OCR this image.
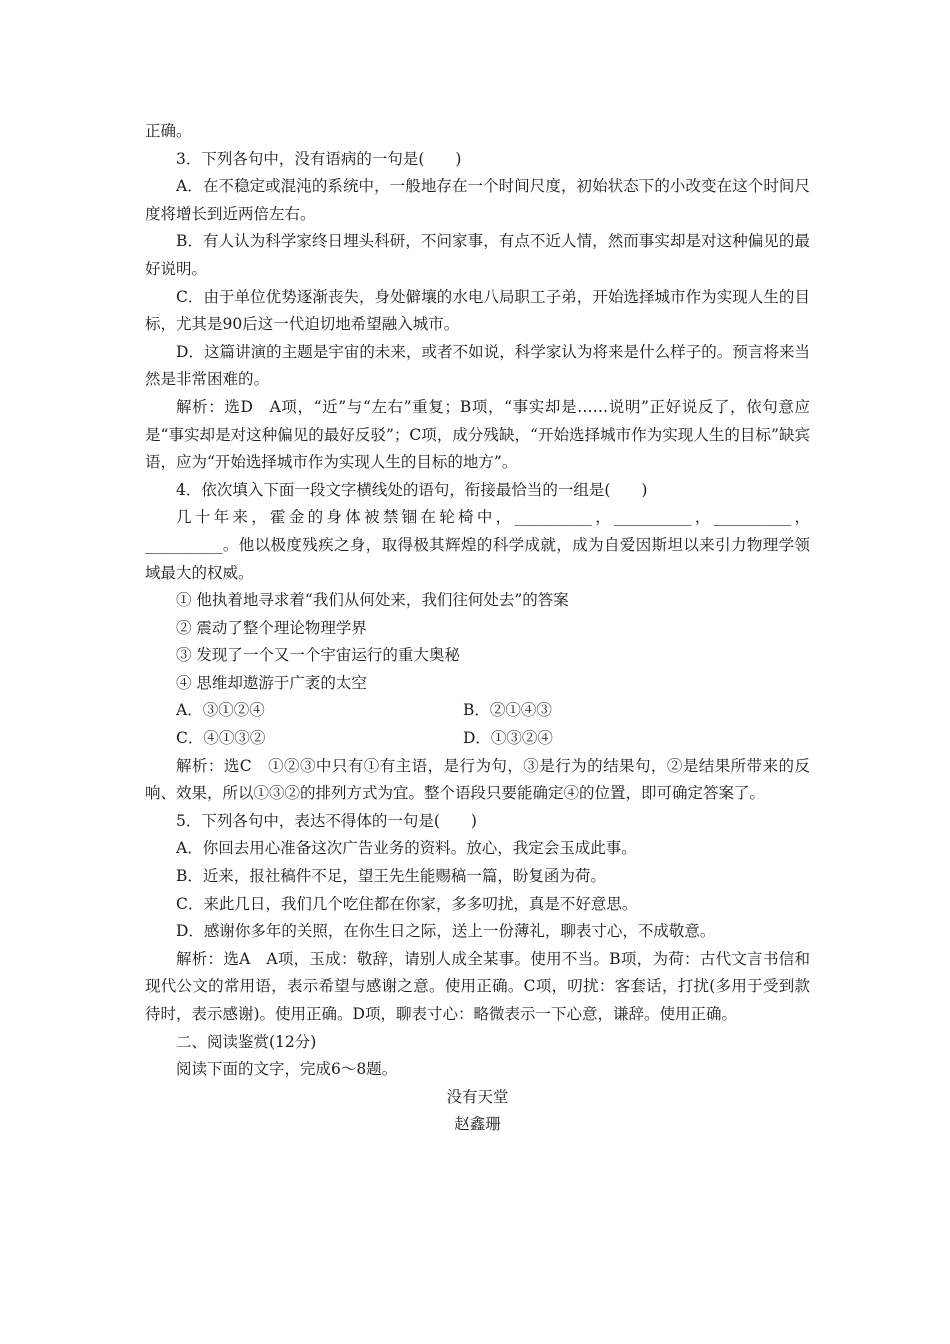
正确。

3．下列各句中，没有语病的一句是(　　)

A．在不稳定或混沌的系统中，一般地存在一个时间尺度，初始状态下的小改变在这个时间尺度将增长到近两倍左右。

B．有人认为科学家终日埋头科研，不问家事，有点不近人情，然而事实却是对这种偏见的最好说明。

C．由于单位优势逐渐丧失，身处僻壤的水电八局职工子弟，开始选择城市作为实现人生的目标，尤其是90后这一代迫切地希望融入城市。

D．这篇讲演的主题是宇宙的未来，或者不如说，科学家认为将来是什么样子的。预言将来当然是非常困难的。

解析：选D　A项，“近”与“左右”重复；B项，“事实却是……说明”正好说反了，依句意应是“事实却是对这种偏见的最好反驳”；C项，成分残缺，“开始选择城市作为实现人生的目标”缺宾语，应为“开始选择城市作为实现人生的目标的地方”。

4．依次填入下面一段文字横线处的语句，衔接最恰当的一组是(　　)

几十年来，霍金的身体被禁锢在轮椅中，__________，__________，__________，__________。他以极度残疾之身，取得极其辉煌的科学成就，成为自爱因斯坦以来引力物理学领域最大的权威。

① 他执着地寻求着“我们从何处来，我们往何处去”的答案

② 震动了整个理论物理学界

③ 发现了一个又一个宇宙运行的重大奥秘

④ 思维却遨游于广袤的太空

A．③①②④	B．②①④③
C．④①③②	D．①③②④

解析：选C　①②③中只有①有主语，是行为句，③是行为的结果句，②是结果所带来的反响、效果，所以①③②的排列方式为宜。整个语段只要能确定④的位置，即可确定答案了。

5．下列各句中，表达不得体的一句是(　　)

A．你回去用心准备这次广告业务的资料。放心，我定会玉成此事。

B．近来，报社稿件不足，望王先生能赐稿一篇，盼复函为荷。

C．来此几日，我们几个吃住都在你家，多多叨扰，真是不好意思。

D．感谢你多年的关照，在你生日之际，送上一份薄礼，聊表寸心，不成敬意。

解析：选A　A项，玉成：敬辞，请别人成全某事。使用不当。B项，为荷：古代文言书信和现代公文的常用语，表示希望与感谢之意。使用正确。C项，叨扰：客套话，打扰(多用于受到款待时，表示感谢)。使用正确。D项，聊表寸心：略微表示一下心意，谦辞。使用正确。

二、阅读鉴赏(12分)

阅读下面的文字，完成6～8题。

没有天堂

赵鑫珊
